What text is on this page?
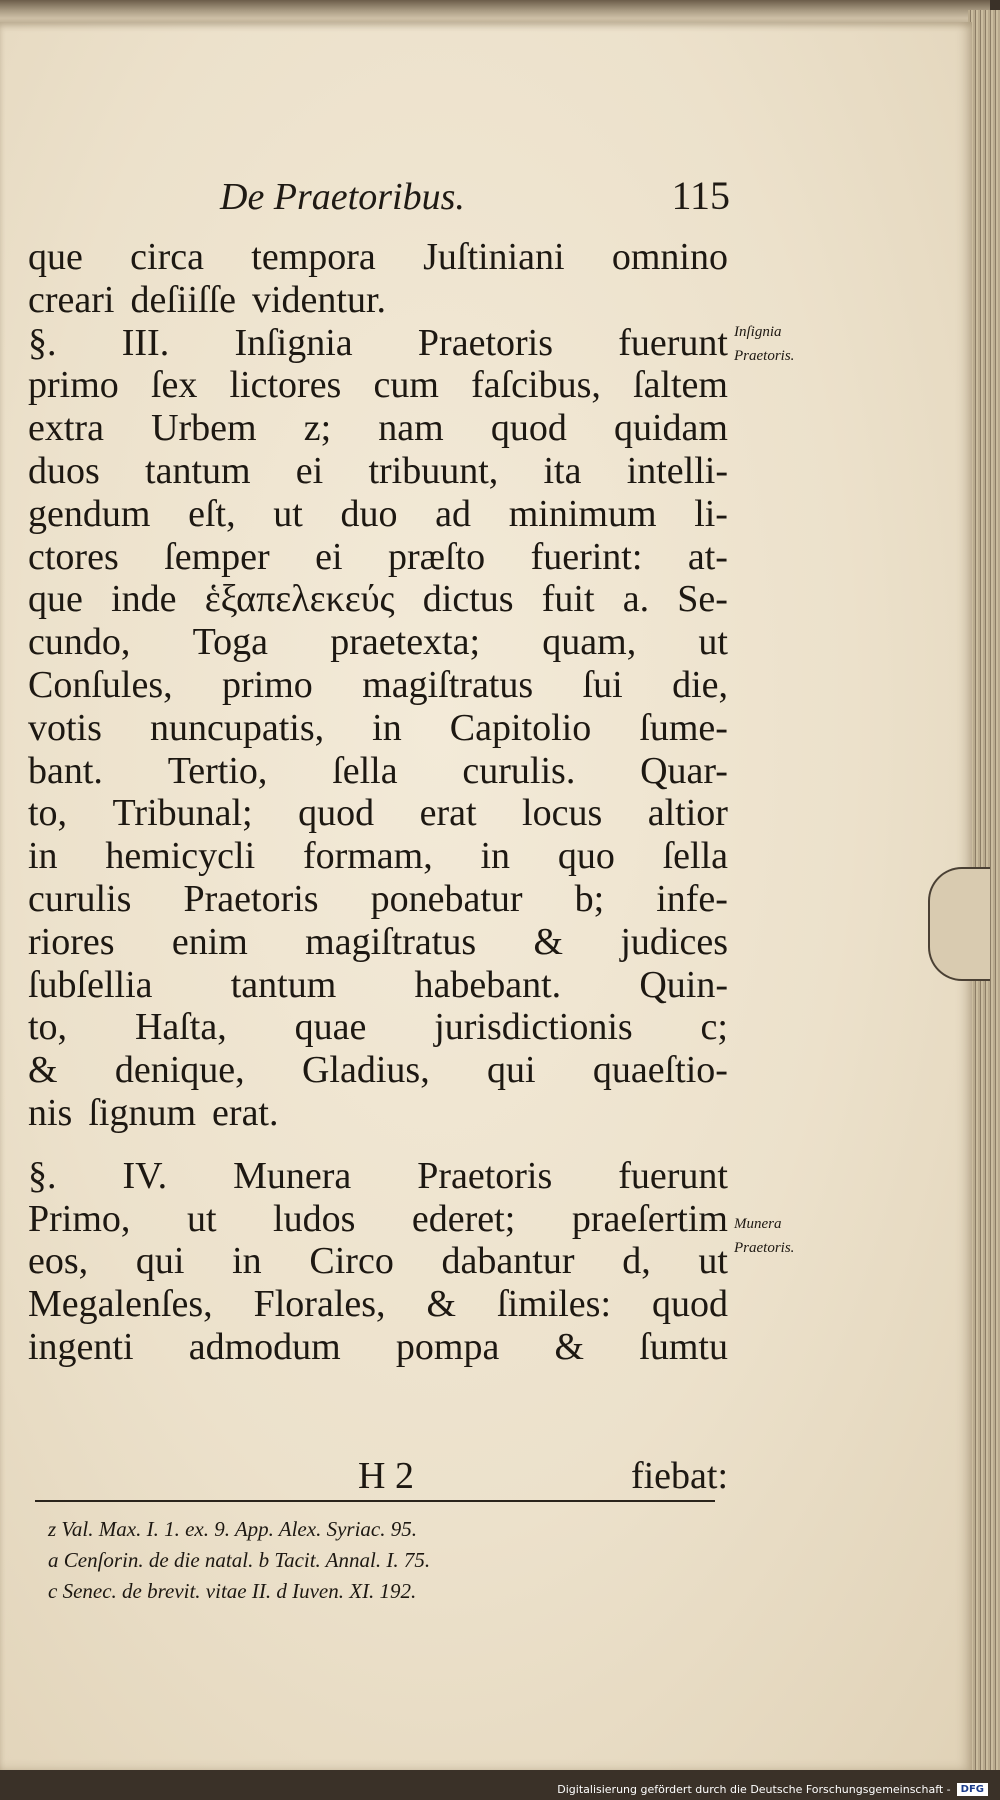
De Praetoribus.	115
que circa tempora Juſtiniani omnino
creari deſiiſſe videntur.
§. III. Inſignia Praetoris fuerunt
primo ſex lictores cum faſcibus, ſaltem
extra Urbem z; nam quod quidam
duos tantum ei tribuunt, ita intelli-
gendum eſt, ut duo ad minimum li-
ctores ſemper ei præſto fuerint: at-
que inde ἑξαπελεκεύς dictus fuit a. Se-
cundo, Toga praetexta; quam, ut
Conſules, primo magiſtratus ſui die,
votis nuncupatis, in Capitolio ſume-
bant. Tertio, ſella curulis. Quar-
to, Tribunal; quod erat locus altior
in hemicycli formam, in quo ſella
curulis Praetoris ponebatur b; infe-
riores enim magiſtratus & judices
ſubſellia tantum habebant. Quin-
to, Haſta, quae jurisdictionis c;
& denique, Gladius, qui quaeſtio-
nis ſignum erat.
§. IV. Munera Praetoris fuerunt
Primo, ut ludos ederet; praeſertim
eos, qui in Circo dabantur d, ut
Megalenſes, Florales, & ſimiles: quod
ingenti admodum pompa & ſumtu
H 2	fiebat:
z Val. Max. I. 1. ex. 9. App. Alex. Syriac. 95.
a Cenſorin. de die natal. b Tacit. Annal. I. 75.
c Senec. de brevit. vitae II. d Iuven. XI. 192.
Inſignia
Praetoris.
Munera
Praetoris.
Digitalisierung gefördert durch die Deutsche Forschungsgemeinschaft -	DFG
